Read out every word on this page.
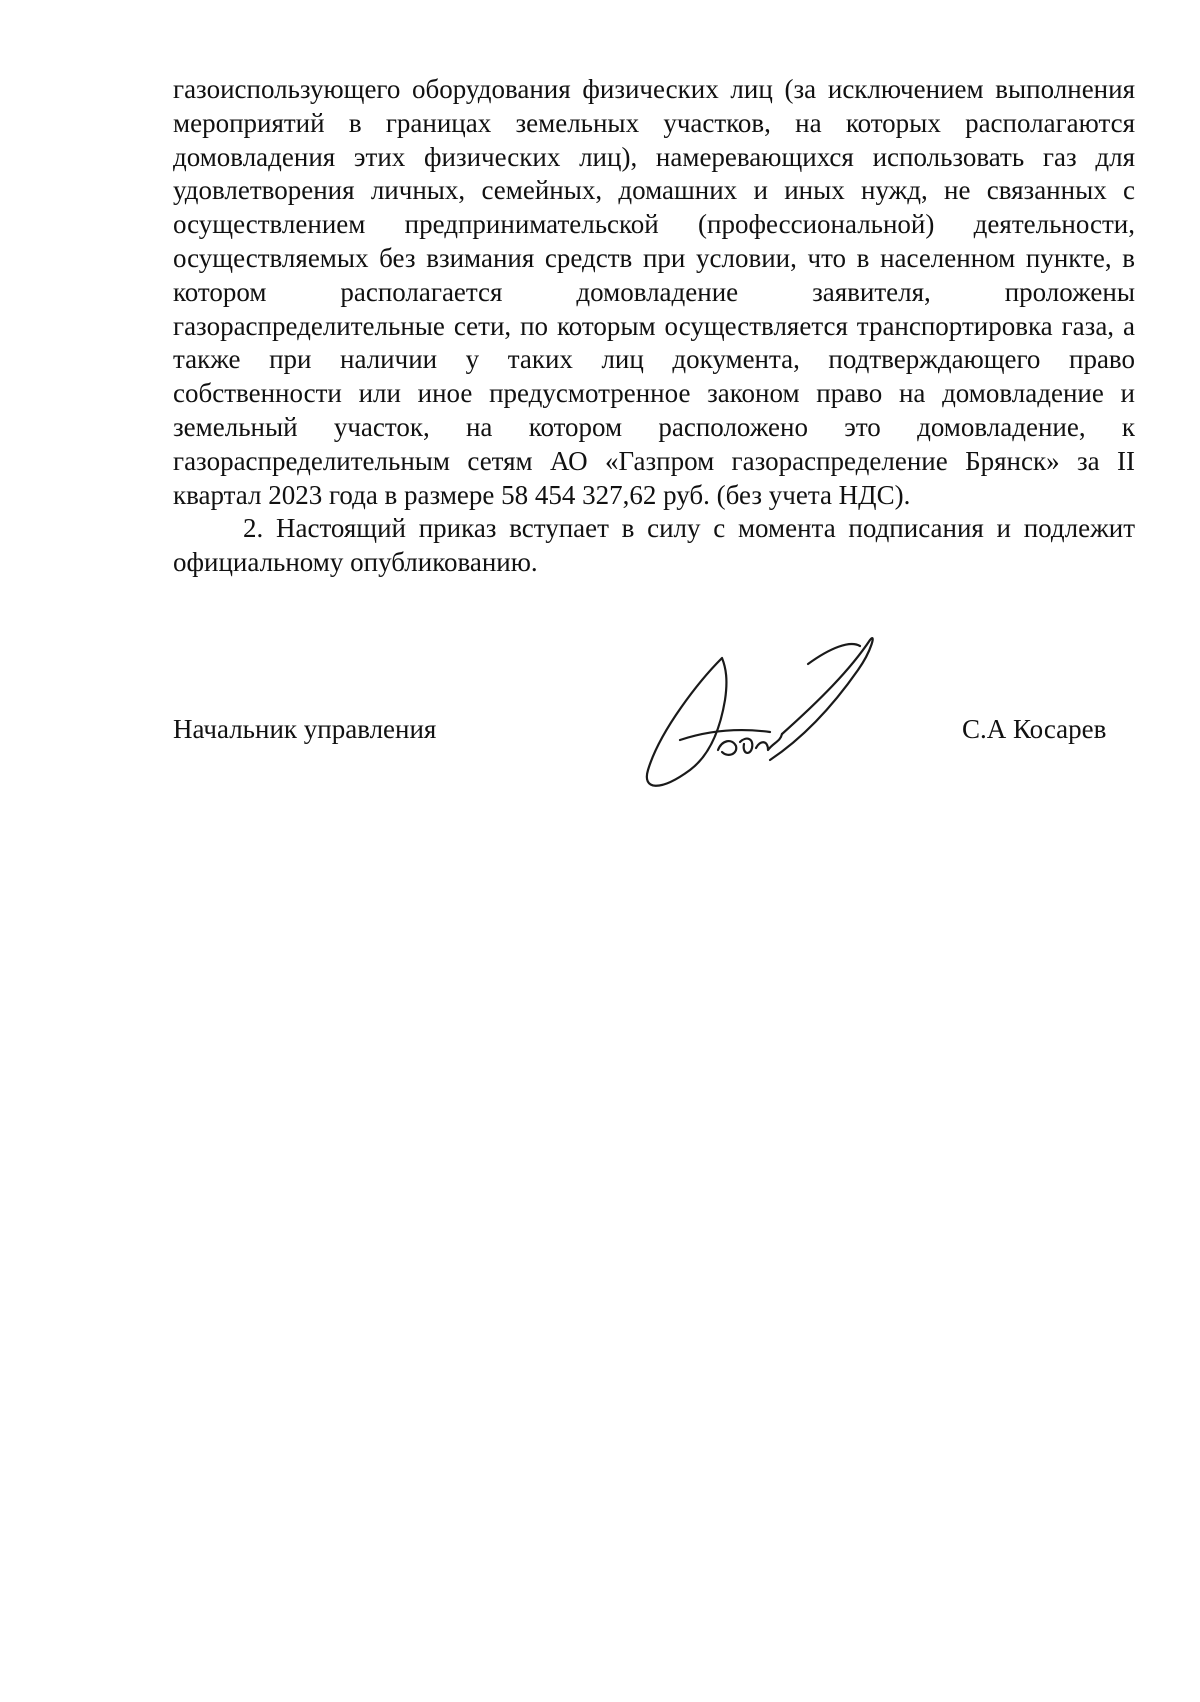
газоиспользующего оборудования физических лиц (за исключением выполнения мероприятий в границах земельных участков, на которых располагаются домовладения этих физических лиц), намеревающихся использовать газ для удовлетворения личных, семейных, домашних и иных нужд, не связанных с осуществлением предпринимательской (профессиональной) деятельности, осуществляемых без взимания средств при условии, что в населенном пункте, в котором располагается домовладение заявителя, проложены газораспределительные сети, по которым осуществляется транспортировка газа, а также при наличии у таких лиц документа, подтверждающего право собственности или иное предусмотренное законом право на домовладение и земельный участок, на котором расположено это домовладение, к газораспределительным сетям АО «Газпром газораспределение Брянск» за II квартал 2023 года в размере 58 454 327,62 руб. (без учета НДС).

2. Настоящий приказ вступает в силу с момента подписания и подлежит официальному опубликованию.

Начальник управления	С.А Косарев
